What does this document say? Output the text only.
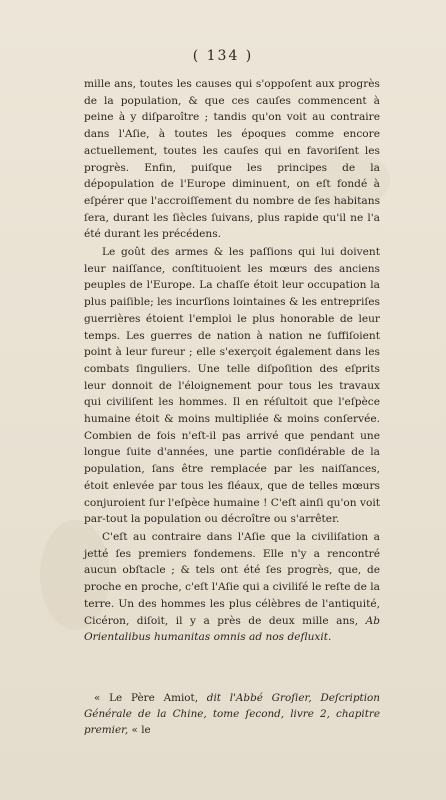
( 134 )

mille ans, toutes les causes qui s'oppoſent aux progrès de la population, & que ces cauſes commencent à peine à y diſparoître ; tandis qu'on voit au contraire dans l'Aſie, à toutes les époques comme encore actuellement, toutes les cauſes qui en favoriſent les progrès. Enfin, puiſque les principes de la dépopulation de l'Europe diminuent, on eſt fondé à eſpérer que l'accroiſſement du nombre de ſes habitans ſera, durant les ſiècles ſuivans, plus rapide qu'il ne l'a été durant les précédens.

Le goût des armes & les paſſions qui lui doivent leur naiſſance, conſtituoient les mœurs des anciens peuples de l'Europe. La chaſſe étoit leur occupation la plus paiſible; les incurſions lointaines & les entrepriſes guerrières étoient l'emploi le plus honorable de leur temps. Les guerres de nation à nation ne ſuffiſoient point à leur fureur ; elle s'exerçoit également dans les combats ſinguliers. Une telle diſpoſition des eſprits leur donnoit de l'éloignement pour tous les travaux qui civiliſent les hommes. Il en réſultoit que l'eſpèce humaine étoit & moins multipliée & moins conſervée. Combien de fois n'eſt-il pas arrivé que pendant une longue ſuite d'années, une partie conſidérable de la population, ſans être remplacée par les naiſſances, étoit enlevée par tous les fléaux, que de telles mœurs conjuroient ſur l'eſpèce humaine ! C'eſt ainſi qu'on voit par-tout la population ou décroître ou s'arrêter.

C'eſt au contraire dans l'Aſie que la civiliſation a jetté ſes premiers fondemens. Elle n'y a rencontré aucun obſtacle ; & tels ont été ſes progrès, que, de proche en proche, c'eſt l'Aſie qui a civiliſé le reſte de la terre. Un des hommes les plus célèbres de l'antiquité, Cicéron, diſoit, il y a près de deux mille ans, Ab Orientalibus humanitas omnis ad nos defluxit.

« Le Père Amiot, dit l'Abbé Groſier, Deſcription Générale de la Chine, tome ſecond, livre 2, chapitre premier, « le
